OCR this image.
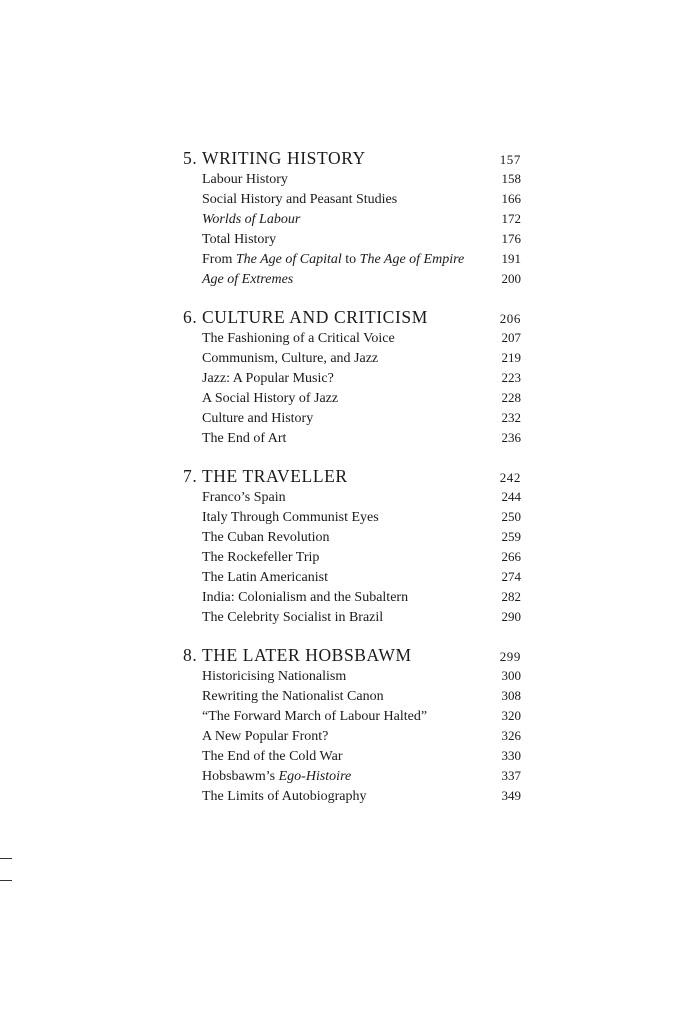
5. WRITING HISTORY	157
Labour History	158
Social History and Peasant Studies	166
Worlds of Labour	172
Total History	176
From The Age of Capital to The Age of Empire	191
Age of Extremes	200
6. CULTURE AND CRITICISM	206
The Fashioning of a Critical Voice	207
Communism, Culture, and Jazz	219
Jazz: A Popular Music?	223
A Social History of Jazz	228
Culture and History	232
The End of Art	236
7. THE TRAVELLER	242
Franco’s Spain	244
Italy Through Communist Eyes	250
The Cuban Revolution	259
The Rockefeller Trip	266
The Latin Americanist	274
India: Colonialism and the Subaltern	282
The Celebrity Socialist in Brazil	290
8. THE LATER HOBSBAWM	299
Historicising Nationalism	300
Rewriting the Nationalist Canon	308
“The Forward March of Labour Halted”	320
A New Popular Front?	326
The End of the Cold War	330
Hobsbawm’s Ego-Histoire	337
The Limits of Autobiography	349
